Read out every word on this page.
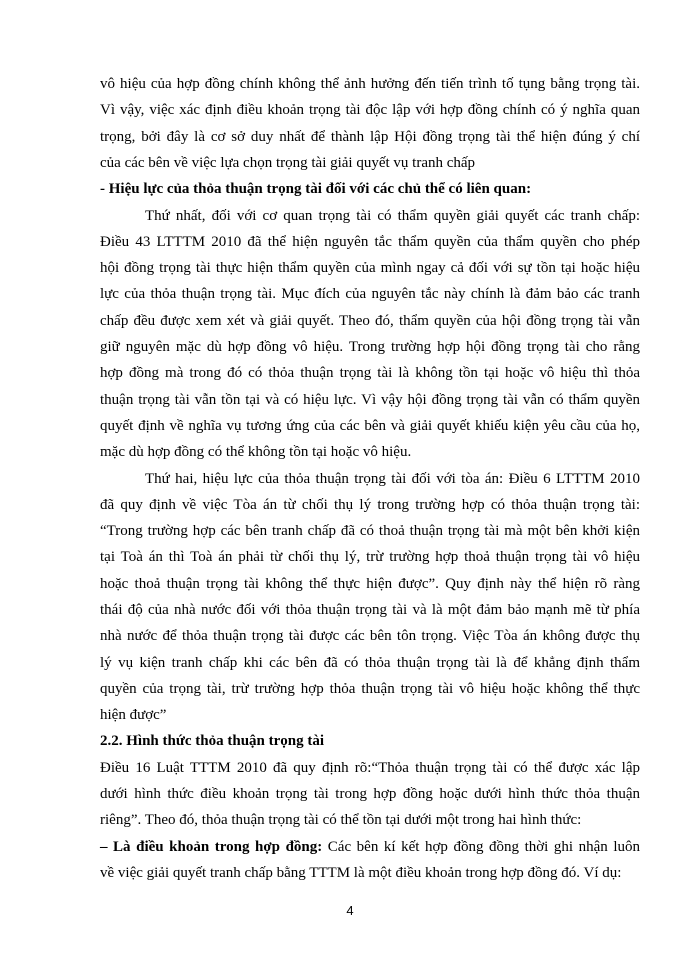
vô hiệu của hợp đồng chính không thể ảnh hưởng đến tiến trình tố tụng bằng trọng tài.
Vì vậy, việc xác định điều khoản trọng tài độc lập với hợp đồng chính có ý nghĩa quan
trọng, bởi đây là cơ sở duy nhất để thành lập Hội đồng trọng tài thể hiện đúng ý chí
của các bên về việc lựa chọn trọng tài giải quyết vụ tranh chấp
- Hiệu lực của thỏa thuận trọng tài đối với các chủ thể có liên quan:
Thứ nhất, đối với cơ quan trọng tài có thẩm quyền giải quyết các tranh chấp:
Điều 43 LTTTM 2010 đã thể hiện nguyên tắc thẩm quyền của thẩm quyền cho phép
hội đồng trọng tài thực hiện thẩm quyền của mình ngay cả đối với sự tồn tại hoặc hiệu
lực của thỏa thuận trọng tài. Mục đích của nguyên tắc này chính là đảm bảo các tranh
chấp đều được xem xét và giải quyết. Theo đó, thẩm quyền của hội đồng trọng tài vẫn
giữ nguyên mặc dù hợp đồng vô hiệu. Trong trường hợp hội đồng trọng tài cho rằng
hợp đồng mà trong đó có thỏa thuận trọng tài là không tồn tại hoặc vô hiệu thì thỏa
thuận trọng tài vẫn tồn tại và có hiệu lực. Vì vậy hội đồng trọng tài vẫn có thẩm quyền
quyết định về nghĩa vụ tương ứng của các bên và giải quyết khiếu kiện yêu cầu của họ,
mặc dù hợp đồng có thể không tồn tại hoặc vô hiệu.
Thứ hai, hiệu lực của thỏa thuận trọng tài đối với tòa án: Điều 6 LTTTM 2010
đã quy định về việc Tòa án từ chối thụ lý trong trường hợp có thỏa thuận trọng tài:
“Trong trường hợp các bên tranh chấp đã có thoả thuận trọng tài mà một bên khởi kiện
tại Toà án thì Toà án phải từ chối thụ lý, trừ trường hợp thoả thuận trọng tài vô hiệu
hoặc thoả thuận trọng tài không thể thực hiện được”. Quy định này thể hiện rõ ràng
thái độ của nhà nước đối với thỏa thuận trọng tài và là một đảm bảo mạnh mẽ từ phía
nhà nước để thỏa thuận trọng tài được các bên tôn trọng. Việc Tòa án không được thụ
lý vụ kiện tranh chấp khi các bên đã có thỏa thuận trọng tài là để khẳng định thẩm
quyền của trọng tài, trừ trường hợp thỏa thuận trọng tài vô hiệu hoặc không thể thực
hiện được”
2.2. Hình thức thỏa thuận trọng tài
Điều 16 Luật TTTM 2010 đã quy định rõ:“Thỏa thuận trọng tài có thể được xác lập
dưới hình thức điều khoản trọng tài trong hợp đồng hoặc dưới hình thức thỏa thuận
riêng”. Theo đó, thỏa thuận trọng tài có thể tồn tại dưới một trong hai hình thức:
4
– Là điều khoản trong hợp đồng: Các bên kí kết hợp đồng đồng thời ghi nhận luôn
về việc giải quyết tranh chấp bằng TTTM là một điều khoản trong hợp đồng đó. Ví dụ:
